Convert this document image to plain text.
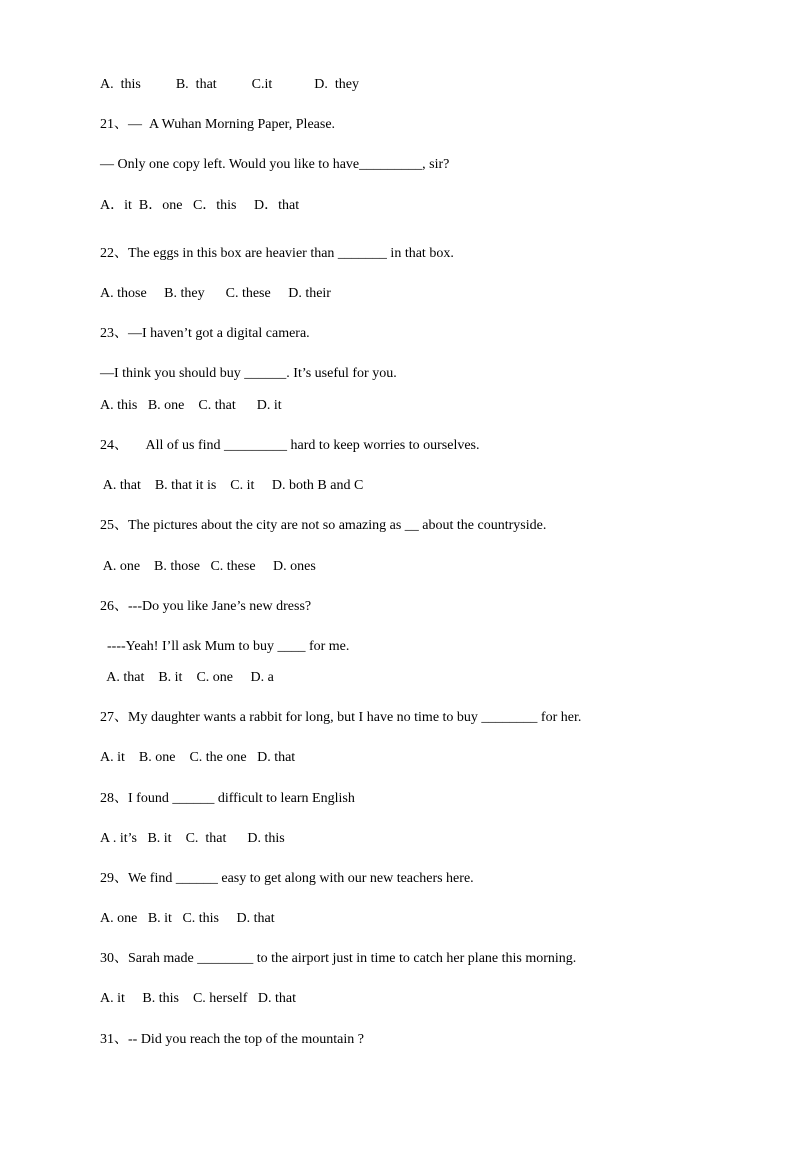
A.  this          B.  that          C.it            D.  they
21、—  A Wuhan Morning Paper, Please.
— Only one copy left. Would you like to have_________, sir?
A．it  B．one   C．this     D．that
22、The eggs in this box are heavier than _______ in that box.
A. those     B. they      C. these     D. their
23、—I haven’t got a digital camera.
—I think you should buy ______. It’s useful for you.
A. this   B. one    C. that      D. it
24、     All of us find _________ hard to keep worries to ourselves.
A. that    B. that it is    C. it     D. both B and C
25、The pictures about the city are not so amazing as __ about the countryside.
A. one    B. those   C. these     D. ones
26、---Do you like Jane’s new dress?
----Yeah! I’ll ask Mum to buy ____ for me.
A. that    B. it    C. one     D. a
27、My daughter wants a rabbit for long, but I have no time to buy ________ for her.
A. it    B. one    C. the one   D. that
28、I found ______ difficult to learn English
A . it’s   B. it    C.  that      D. this
29、We find ______ easy to get along with our new teachers here.
A. one   B. it   C. this     D. that
30、Sarah made ________ to the airport just in time to catch her plane this morning.
A. it     B. this    C. herself   D. that
31、-- Did you reach the top of the mountain ?
